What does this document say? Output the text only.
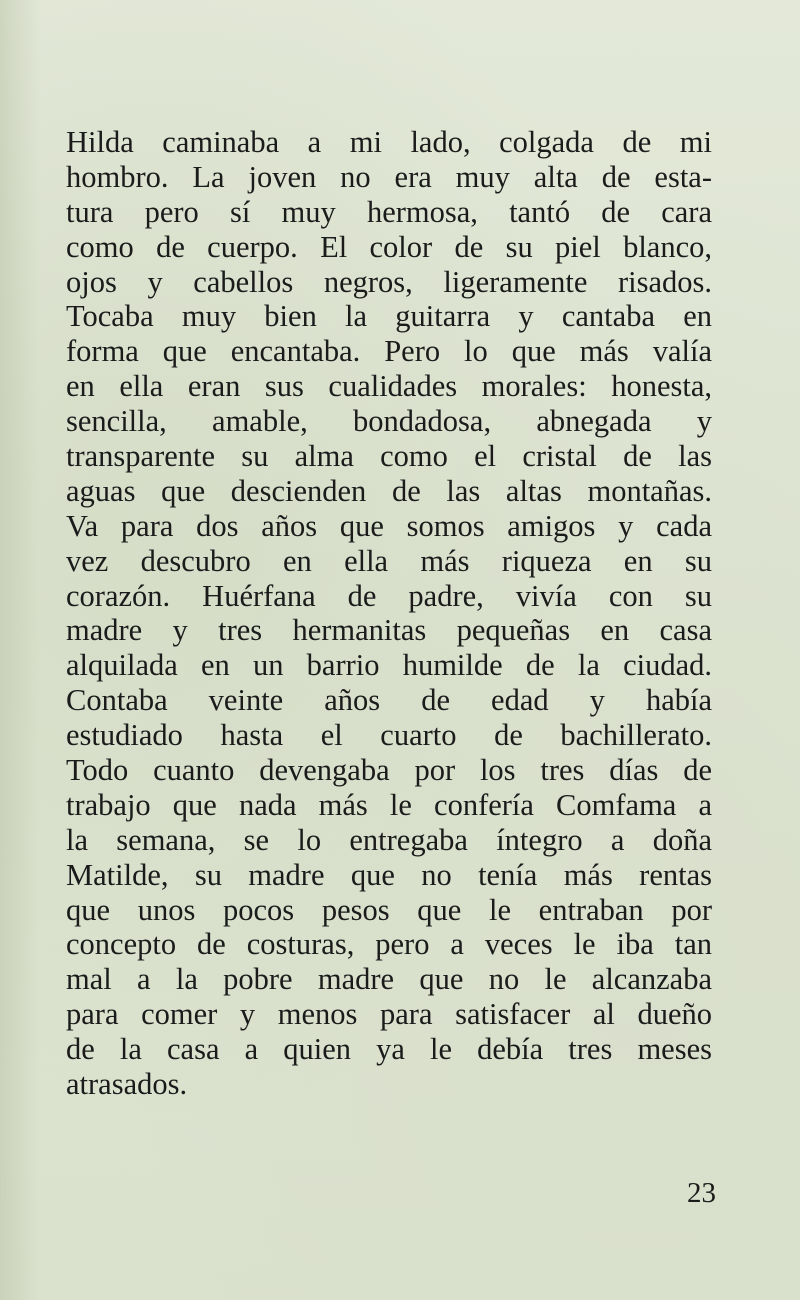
Hilda caminaba a mi lado, colgada de mi
hombro. La joven no era muy alta de esta-
tura pero sí muy hermosa, tantó de cara
como de cuerpo. El color de su piel blanco,
ojos y cabellos negros, ligeramente risados.
Tocaba muy bien la guitarra y cantaba en
forma que encantaba. Pero lo que más valía
en ella eran sus cualidades morales: honesta,
sencilla, amable, bondadosa, abnegada y
transparente su alma como el cristal de las
aguas que descienden de las altas montañas.
Va para dos años que somos amigos y cada
vez descubro en ella más riqueza en su
corazón. Huérfana de padre, vivía con su
madre y tres hermanitas pequeñas en casa
alquilada en un barrio humilde de la ciudad.
Contaba veinte años de edad y había
estudiado hasta el cuarto de bachillerato.
Todo cuanto devengaba por los tres días de
trabajo que nada más le confería Comfama a
la semana, se lo entregaba íntegro a doña
Matilde, su madre que no tenía más rentas
que unos pocos pesos que le entraban por
concepto de costuras, pero a veces le iba tan
mal a la pobre madre que no le alcanzaba
para comer y menos para satisfacer al dueño
de la casa a quien ya le debía tres meses
atrasados.
23
